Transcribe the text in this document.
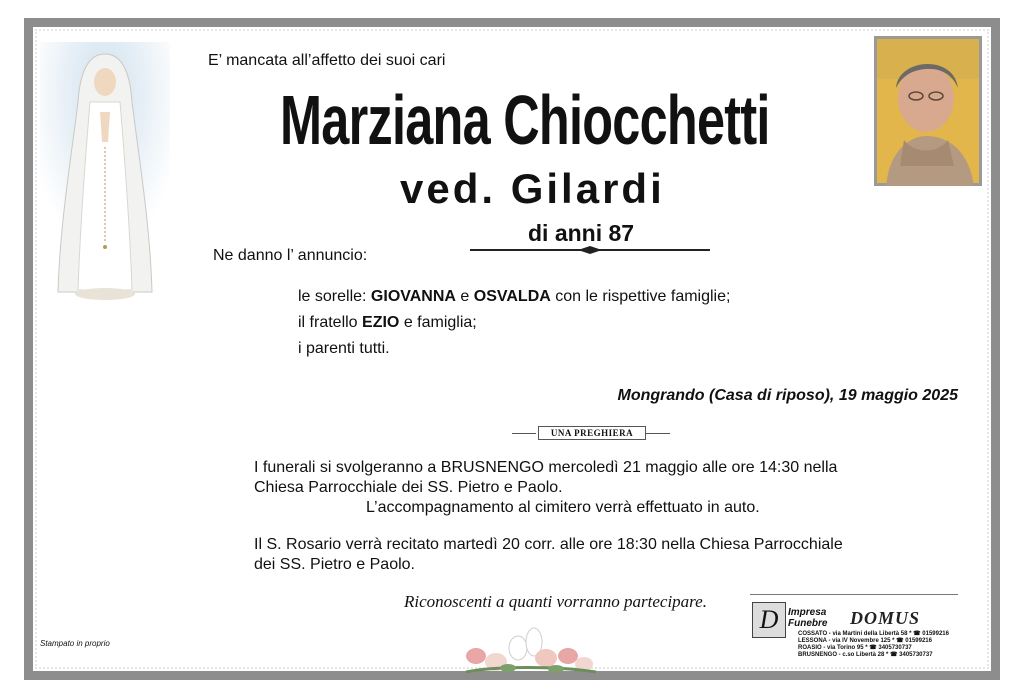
E’ mancata all’affetto dei suoi cari
Marziana Chiocchetti
ved. Gilardi
di anni 87
Ne danno l’ annuncio:
le sorelle: GIOVANNA e OSVALDA con le rispettive famiglie;
il fratello EZIO e famiglia;
i parenti tutti.
Mongrando (Casa di riposo), 19 maggio 2025
UNA PREGHIERA
I funerali si svolgeranno a BRUSNENGO mercoledì 21 maggio alle ore 14:30 nella
Chiesa Parrocchiale dei SS. Pietro e Paolo.
L’accompagnamento al cimitero verrà effettuato in auto.
Il S. Rosario verrà recitato martedì 20 corr. alle ore 18:30 nella Chiesa Parrocchiale
dei SS. Pietro e Paolo.
Riconoscenti a quanti vorranno partecipare.
Stampato in proprio
D Impresa
Funebre DOMUS
COSSATO - via Martini della Libertà 58 * ☎ 01599216
LESSONA - via IV Novembre 125 * ☎ 01599216
ROASIO - via Torino 95 * ☎ 3405730737
BRUSNENGO - c.so Libertà 28 * ☎ 3405730737
